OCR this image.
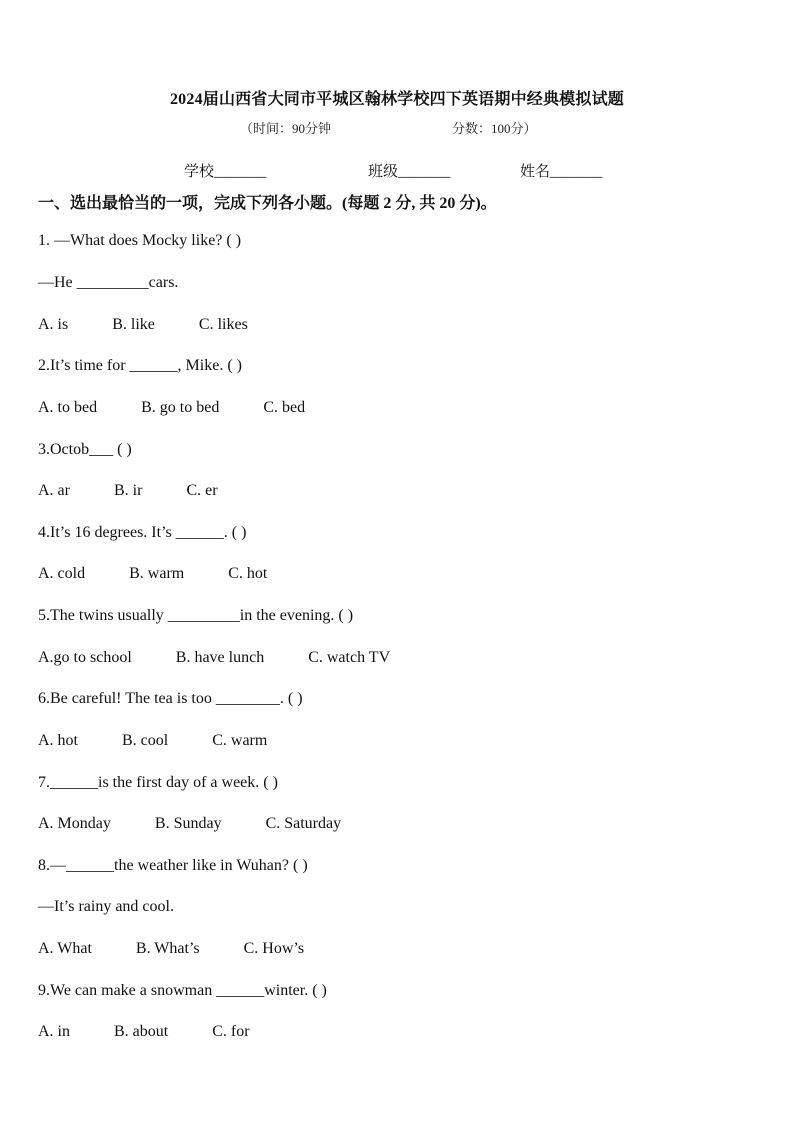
2024届山西省大同市平城区翰林学校四下英语期中经典模拟试题
（时间：90分钟	分数：100分）
学校_______	班级_______	姓名_______
一、选出最恰当的一项，完成下列各小题。(每题 2 分, 共 20 分)。
1. —What does Mocky like? ( )
—He _________cars.
A. is	B. like	C. likes
2.It’s time for ______, Mike. ( )
A. to bed	B. go to bed	C. bed
3.Octob___ ( )
A. ar	B. ir	C. er
4.It’s 16 degrees. It’s ______. ( )
A. cold	B. warm	C. hot
5.The twins usually _________in the evening. ( )
A.go to school	B. have lunch	C. watch TV
6.Be careful! The tea is too ________. ( )
A. hot	B. cool	C. warm
7.______is the first day of a week. ( )
A. Monday	B. Sunday	C. Saturday
8.—______the weather like in Wuhan? ( )
—It’s rainy and cool.
A. What	B. What’s	C. How’s
9.We can make a snowman ______winter. ( )
A. in	B. about	C. for
